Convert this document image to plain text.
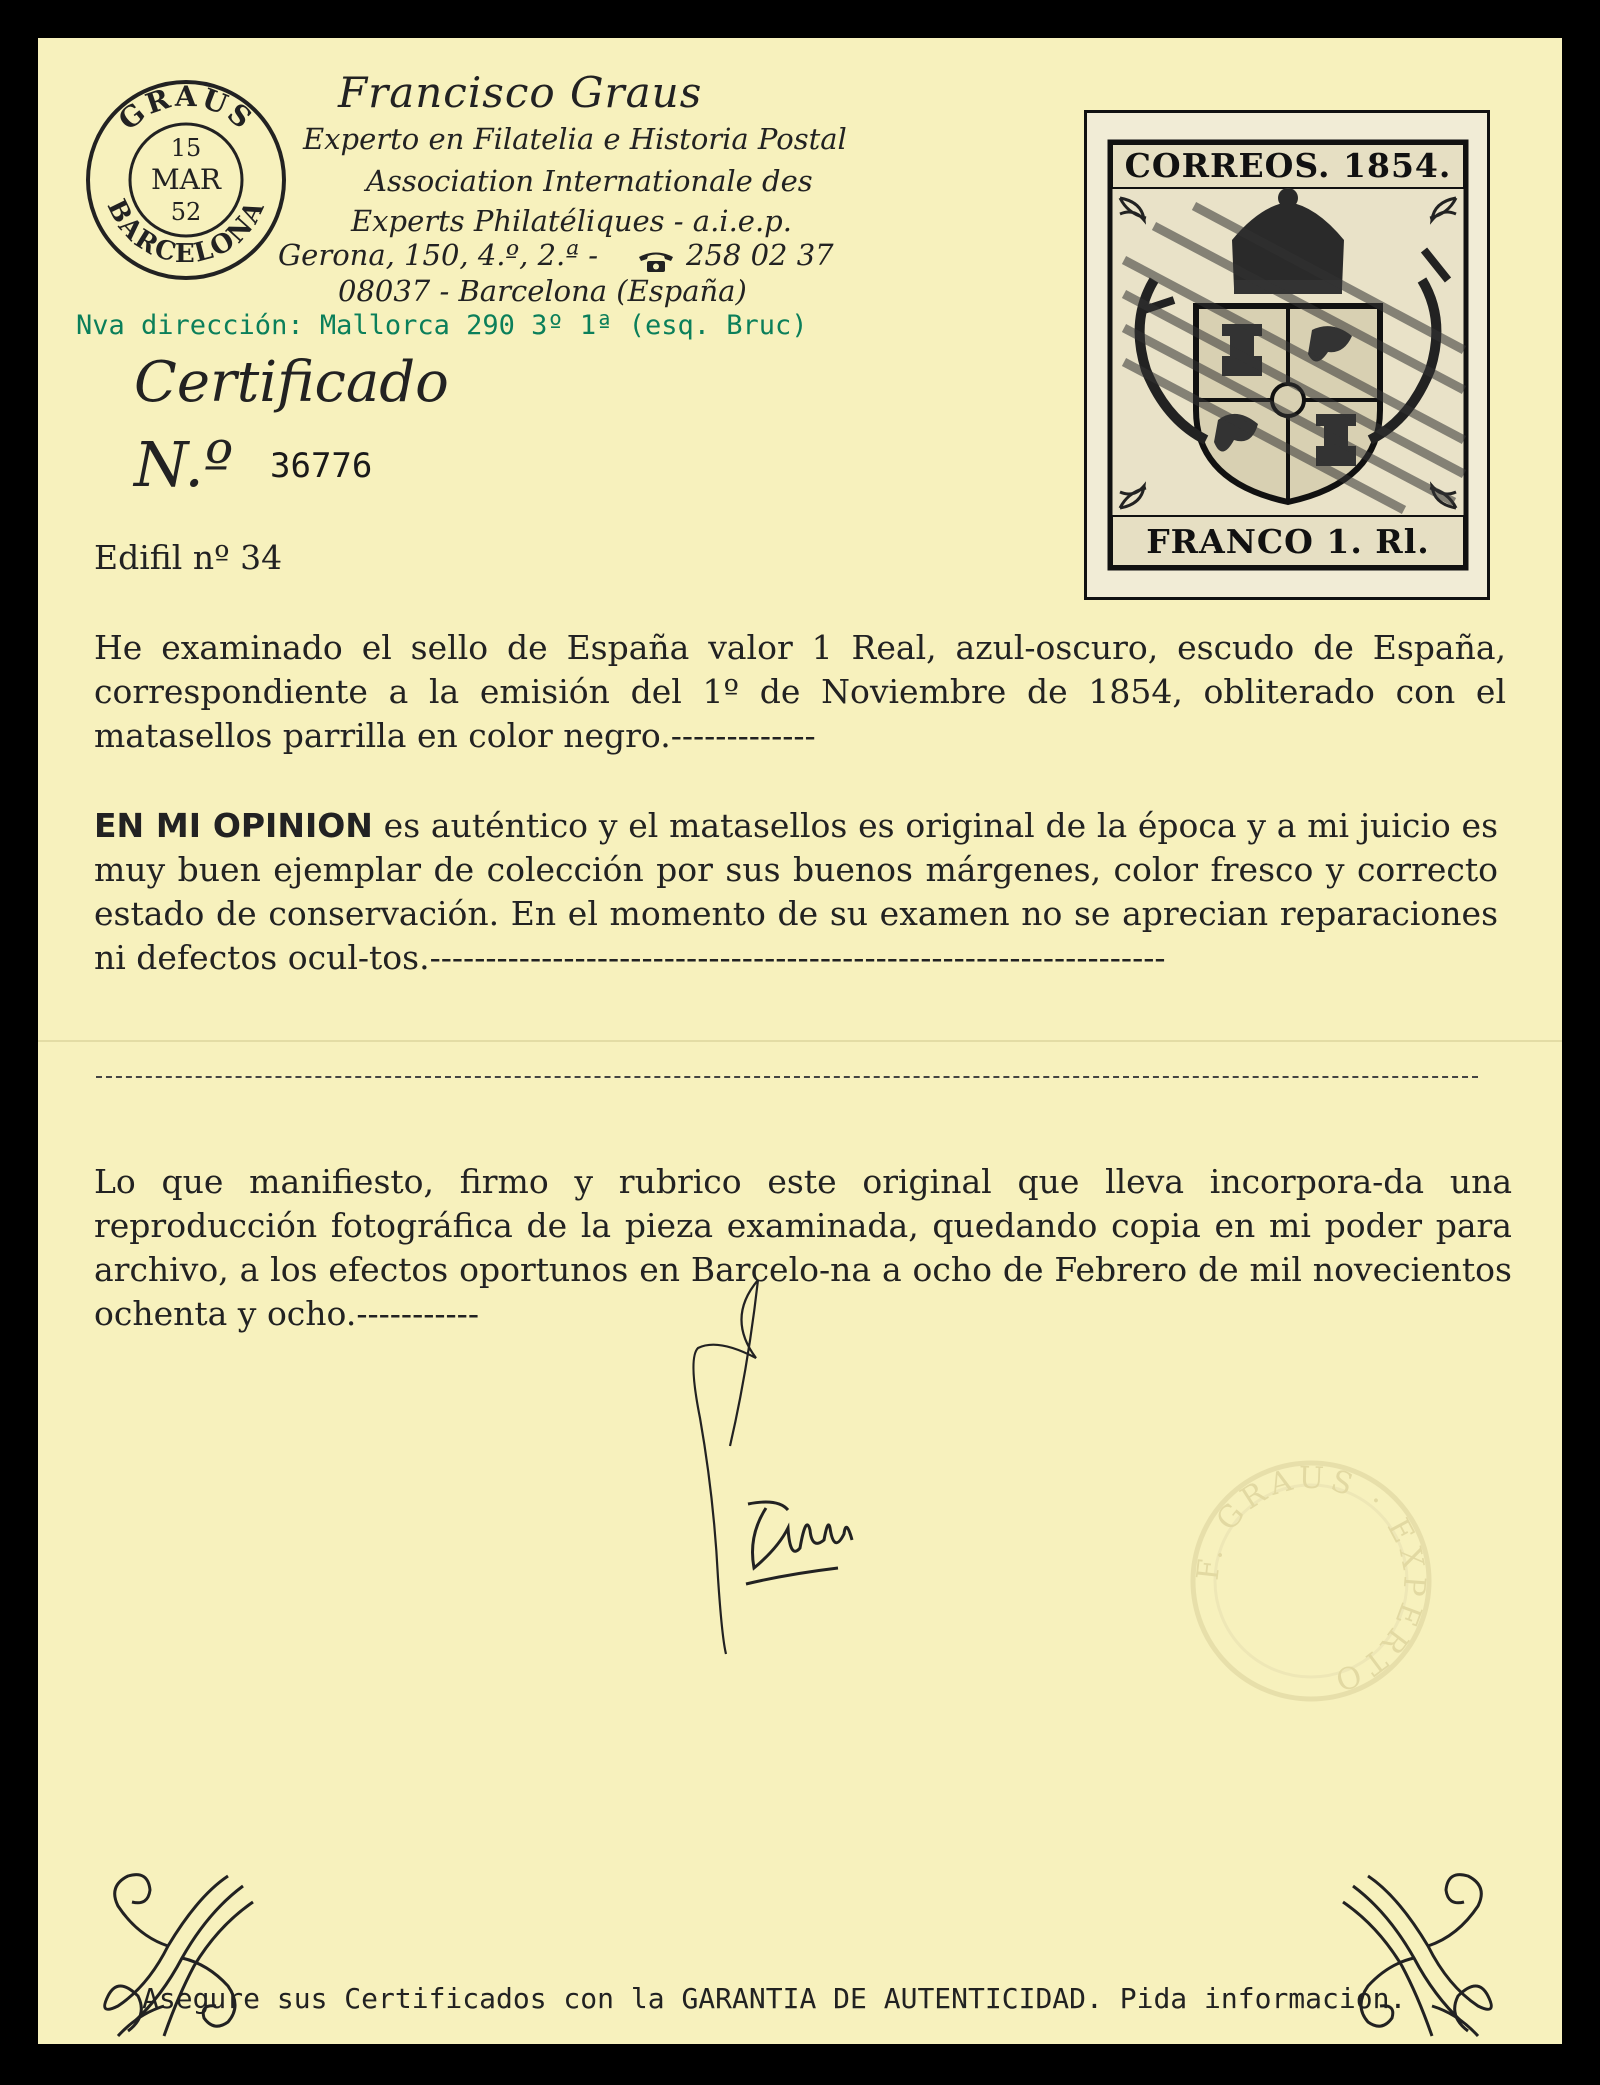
GRAUS
BARCELONA
15
MAR
52
Francisco Graus
Experto en Filatelia e Historia Postal
Association Internationale des
Experts Philatéliques - a.i.e.p.
Gerona, 150, 4.º, 2.ª -	258 02 37
08037 - Barcelona (España)
Nva dirección: Mallorca 290 3º 1ª (esq. Bruc)
Certificado
N.º 36776
CORREOS. 1854.
FRANCO 1. Rl.
Edifil nº 34
He examinado el sello de España valor 1 Real, azul-oscuro, escudo de España, correspondiente a la emisión del 1º de Noviembre de 1854, obliterado con el matasellos parrilla en color negro.-------------
EN MI OPINION es auténtico y el matasellos es original de la época y a mi juicio es muy buen ejemplar de colección por sus buenos márgenes, color fresco y correcto estado de conservación. En el momento de su examen no se aprecian reparaciones ni defectos ocul-tos.------------------------------------------------------------------
Lo que manifiesto, firmo y rubrico este original que lleva incorpora-da una reproducción fotográfica de la pieza examinada, quedando copia en mi poder para archivo, a los efectos oportunos en Barcelo-na a ocho de Febrero de mil novecientos ochenta y ocho.-----------
F. GRAUS · EXPERTO
Asegure sus Certificados con la GARANTIA DE AUTENTICIDAD. Pida informacion.
